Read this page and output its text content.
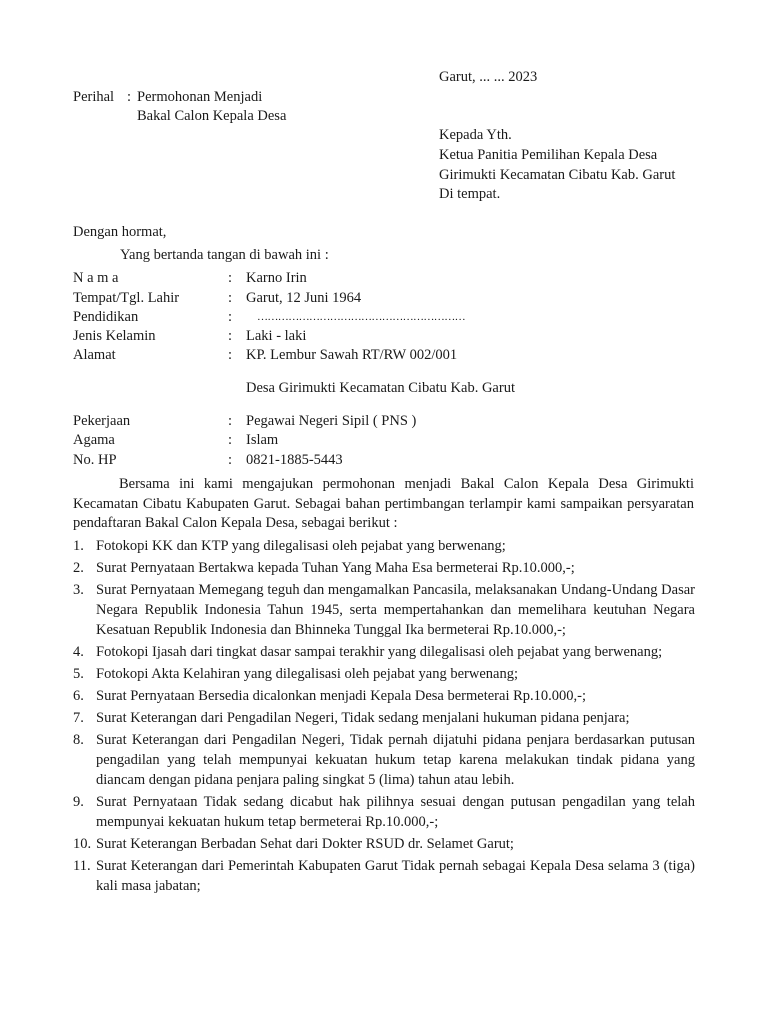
Garut, ... ... 2023
Perihal : Permohonan Menjadi
Bakal Calon Kepala Desa
Kepada Yth.
Ketua Panitia Pemilihan Kepala Desa
Girimukti Kecamatan Cibatu Kab. Garut
Di tempat.
Dengan hormat,
Yang bertanda tangan di bawah ini :
N a m a	: Karno Irin
Tempat/Tgl. Lahir	: Garut, 12 Juni 1964
Pendidikan	: ……………………………………………………
Jenis Kelamin	: Laki - laki
Alamat	: KP. Lembur Sawah RT/RW 002/001
Desa Girimukti Kecamatan Cibatu Kab. Garut
Pekerjaan	: Pegawai Negeri Sipil ( PNS )
Agama	: Islam
No. HP	: 0821-1885-5443
Bersama ini kami mengajukan permohonan menjadi Bakal Calon Kepala Desa Girimukti Kecamatan Cibatu Kabupaten Garut. Sebagai bahan pertimbangan terlampir kami sampaikan persyaratan pendaftaran Bakal Calon Kepala Desa, sebagai berikut :
1. Fotokopi KK dan KTP yang dilegalisasi oleh pejabat yang berwenang;
2. Surat Pernyataan Bertakwa kepada Tuhan Yang Maha Esa bermeterai Rp.10.000,-;
3. Surat Pernyataan Memegang teguh dan mengamalkan Pancasila, melaksanakan Undang-Undang Dasar Negara Republik Indonesia Tahun 1945, serta mempertahankan dan memelihara keutuhan Negara Kesatuan Republik Indonesia dan Bhinneka Tunggal Ika bermeterai Rp.10.000,-;
4. Fotokopi Ijasah dari tingkat dasar sampai terakhir yang dilegalisasi oleh pejabat yang berwenang;
5. Fotokopi Akta Kelahiran yang dilegalisasi oleh pejabat yang berwenang;
6. Surat Pernyataan Bersedia dicalonkan menjadi Kepala Desa bermeterai Rp.10.000,-;
7. Surat Keterangan dari Pengadilan Negeri, Tidak sedang menjalani hukuman pidana penjara;
8. Surat Keterangan dari Pengadilan Negeri, Tidak pernah dijatuhi pidana penjara berdasarkan putusan pengadilan yang telah mempunyai kekuatan hukum tetap karena melakukan tindak pidana yang diancam dengan pidana penjara paling singkat 5 (lima) tahun atau lebih.
9. Surat Pernyataan Tidak sedang dicabut hak pilihnya sesuai dengan putusan pengadilan yang telah mempunyai kekuatan hukum tetap bermeterai Rp.10.000,-;
10. Surat Keterangan Berbadan Sehat dari Dokter RSUD dr. Selamet Garut;
11. Surat Keterangan dari Pemerintah Kabupaten Garut Tidak pernah sebagai Kepala Desa selama 3 (tiga) kali masa jabatan;
